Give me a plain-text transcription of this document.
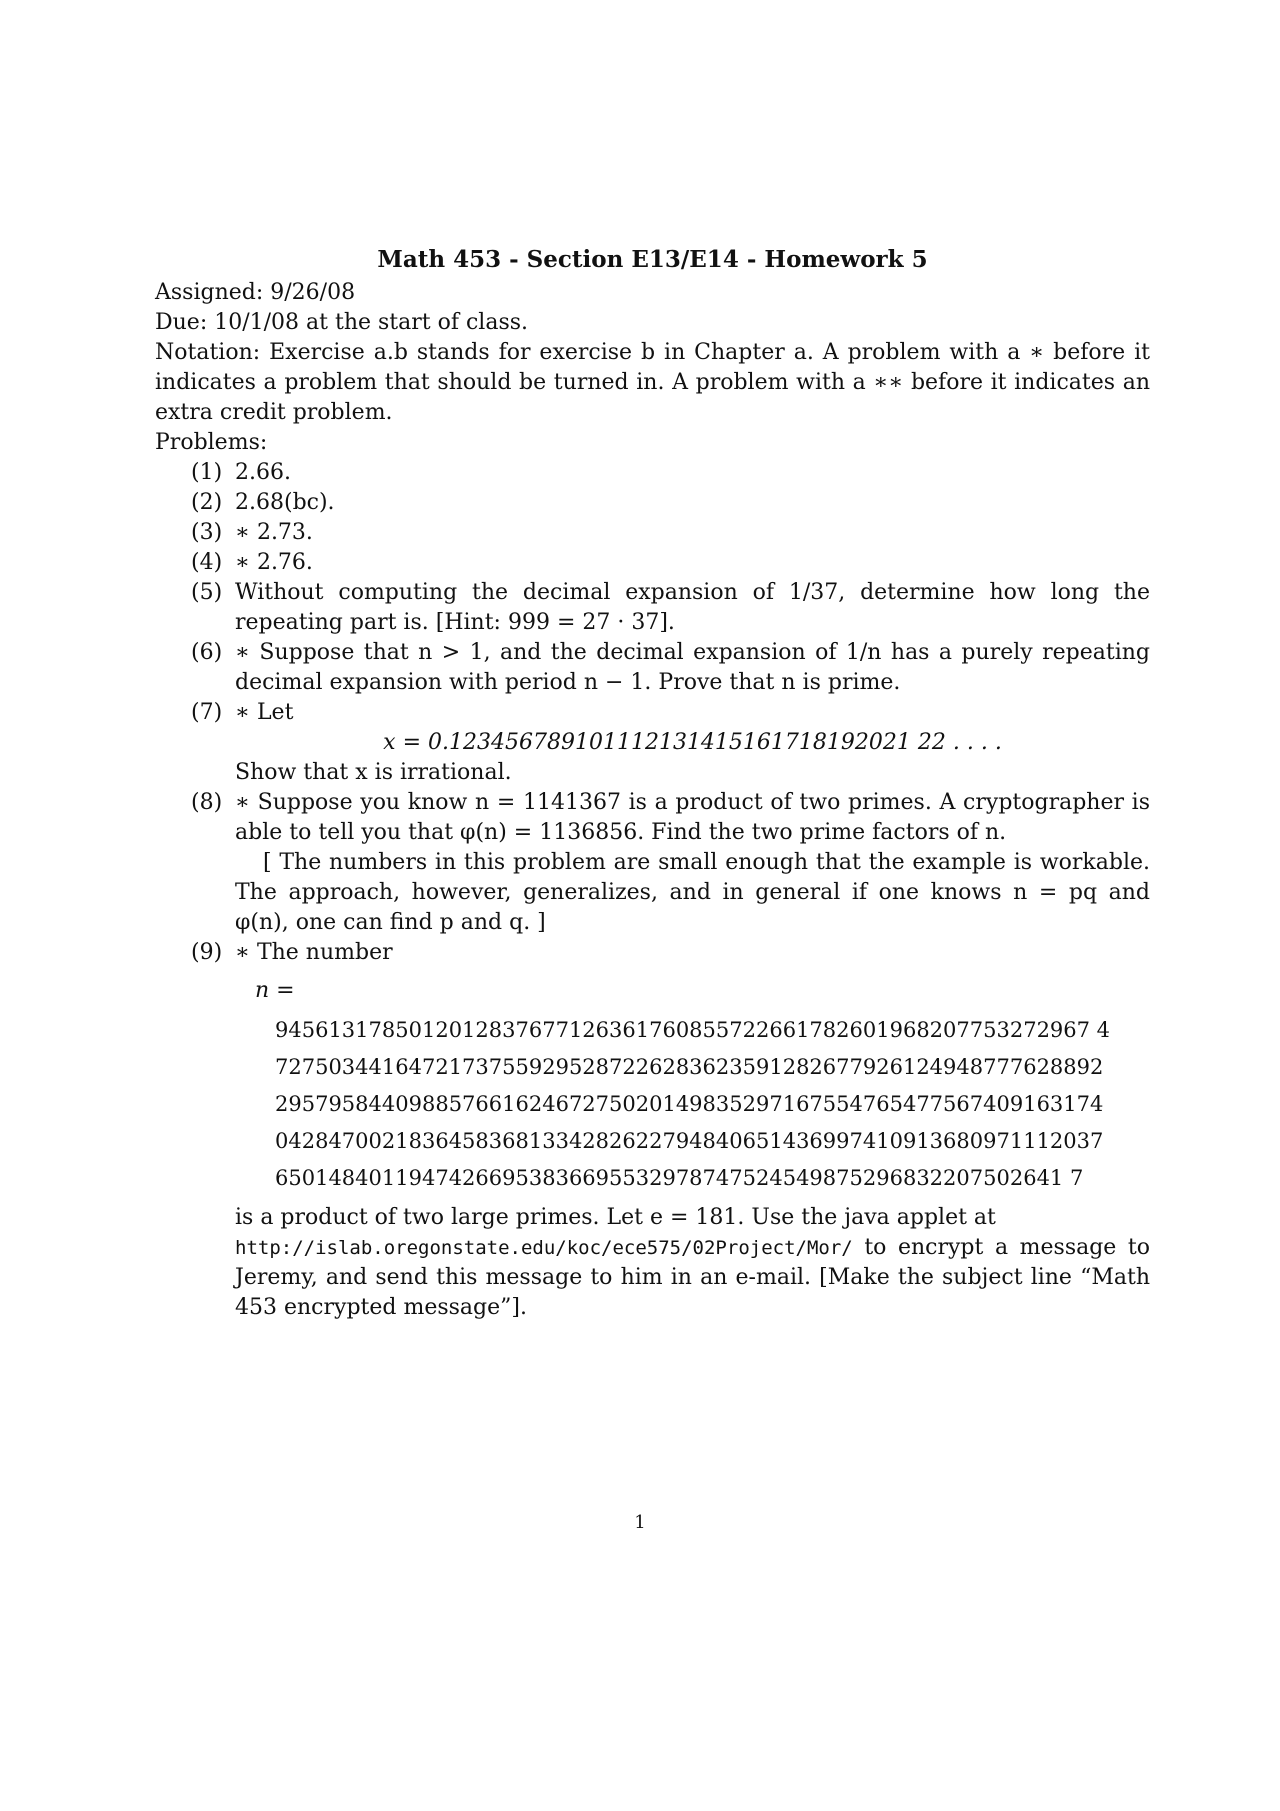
Math 453 - Section E13/E14 - Homework 5
Assigned: 9/26/08
Due: 10/1/08 at the start of class.
Notation: Exercise a.b stands for exercise b in Chapter a. A problem with a ∗ before it indicates a problem that should be turned in. A problem with a ∗∗ before it indicates an extra credit problem.
Problems:
(1) 2.66.
(2) 2.68(bc).
(3) ∗ 2.73.
(4) ∗ 2.76.
(5) Without computing the decimal expansion of 1/37, determine how long the repeating part is. [Hint: 999 = 27 · 37].
(6) ∗ Suppose that n > 1, and the decimal expansion of 1/n has a purely repeating decimal expansion with period n − 1. Prove that n is prime.
(7) ∗ Let
x = 0.123456789101112131415161718192021 22 . . . .
Show that x is irrational.
(8) ∗ Suppose you know n = 1141367 is a product of two primes. A cryptographer is able to tell you that φ(n) = 1136856. Find the two prime factors of n.
[ The numbers in this problem are small enough that the example is workable. The approach, however, generalizes, and in general if one knows n = pq and φ(n), one can find p and q. ]
(9) ∗ The number
n =
9456131785012012837677126361760855722661782601968207753272967 4
72750344164721737559295287226283623591282677926124948777628892
29579584409885766162467275020149835297167554765477567409163174
04284700218364583681334282622794840651436997410913680971112037
65014840119474266953836695532978747524549875296832207502641 7
is a product of two large primes. Let e = 181. Use the java applet at
http://islab.oregonstate.edu/koc/ece575/02Project/Mor/ to encrypt a message to Jeremy, and send this message to him in an e-mail. [Make the subject line “Math 453 encrypted message”].
1
